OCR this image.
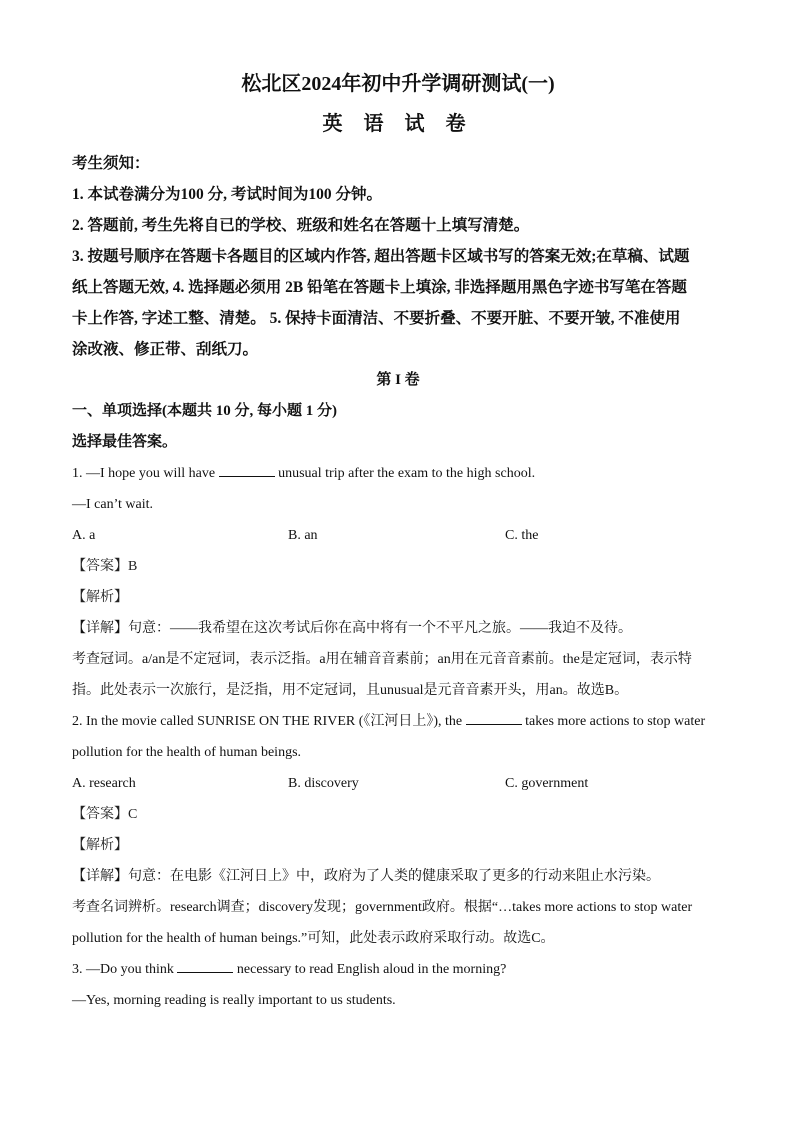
松北区2024年初中升学调研测试(一)
英 语 试 卷
考生须知：
1. 本试卷满分为100 分, 考试时间为100 分钟。
2. 答题前, 考生先将自已的学校、班级和姓名在答题十上填写清楚。
3. 按题号顺序在答题卡各题目的区域内作答, 超出答题卡区域书写的答案无效;在草稿、试题
纸上答题无效, 4. 选择题必须用 2B 铅笔在答题卡上填涂, 非选择题用黑色字迹书写笔在答题
卡上作答, 字述工整、清楚。 5. 保持卡面清洁、不要折叠、不要开脏、不要开皱, 不准使用
涂改液、修正带、刮纸刀。
第 I 卷
一、单项选择(本题共 10 分, 每小题 1 分)
选择最佳答案。
1. —I hope you will have	unusual trip after the exam to the high school.
—I can’t wait.
A. a	B. an	C. the
【答案】B
【解析】
【详解】句意：——我希望在这次考试后你在高中将有一个不平凡之旅。——我迫不及待。
考查冠词。a/an是不定冠词，表示泛指。a用在辅音音素前；an用在元音音素前。the是定冠词，表示特
指。此处表示一次旅行，是泛指，用不定冠词，且unusual是元音音素开头，用an。故选B。
2. In the movie called SUNRISE ON THE RIVER (《江河日上》), the	takes more actions to stop water
pollution for the health of human beings.
A. research	B. discovery	C. government
【答案】C
【解析】
【详解】句意：在电影《江河日上》中，政府为了人类的健康采取了更多的行动来阻止水污染。
考查名词辨析。research调查；discovery发现；government政府。根据“…takes more actions to stop water
pollution for the health of human beings.”可知，此处表示政府采取行动。故选C。
3. —Do you think	necessary to read English aloud in the morning?
—Yes, morning reading is really important to us students.
